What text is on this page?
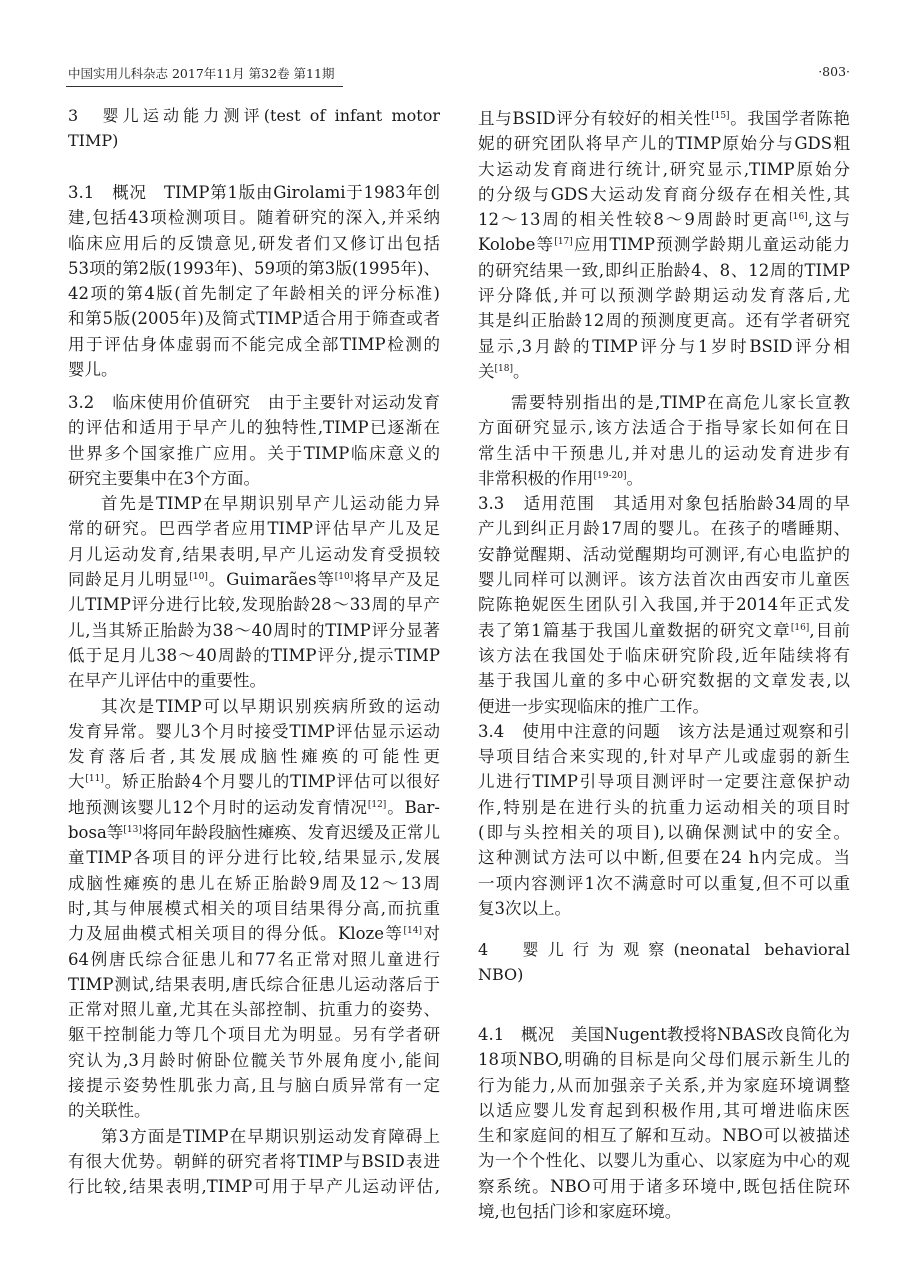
中国实用儿科杂志 2017年11月 第32卷 第11期	·803·
3　婴儿运动能力测评(test of infant motor
TIMP)
3.1　概况　TIMP第1版由Girolami于1983年创
建,包括43项检测项目。随着研究的深入,并采纳
临床应用后的反馈意见,研发者们又修订出包括
53项的第2版(1993年)、59项的第3版(1995年)、
42项的第4版(首先制定了年龄相关的评分标准)
和第5版(2005年)及简式TIMP适合用于筛查或者
用于评估身体虚弱而不能完成全部TIMP检测的
婴儿。
3.2　临床使用价值研究　由于主要针对运动发育
的评估和适用于早产儿的独特性,TIMP已逐渐在
世界多个国家推广应用。关于TIMP临床意义的
研究主要集中在3个方面。
首先是TIMP在早期识别早产儿运动能力异
常的研究。巴西学者应用TIMP评估早产儿及足
月儿运动发育,结果表明,早产儿运动发育受损较
同龄足月儿明显[10]。Guimarães等[10]将早产及足
儿TIMP评分进行比较,发现胎龄28～33周的早产
儿,当其矫正胎龄为38～40周时的TIMP评分显著
低于足月儿38～40周龄的TIMP评分,提示TIMP
在早产儿评估中的重要性。
其次是TIMP可以早期识别疾病所致的运动
发育异常。婴儿3个月时接受TIMP评估显示运动
发育落后者,其发展成脑性瘫痪的可能性更
大[11]。矫正胎龄4个月婴儿的TIMP评估可以很好
地预测该婴儿12个月时的运动发育情况[12]。Bar-
bosa等[13]将同年龄段脑性瘫痪、发育迟缓及正常儿
童TIMP各项目的评分进行比较,结果显示,发展
成脑性瘫痪的患儿在矫正胎龄9周及12～13周
时,其与伸展模式相关的项目结果得分高,而抗重
力及屈曲模式相关项目的得分低。Kloze等[14]对
64例唐氏综合征患儿和77名正常对照儿童进行
TIMP测试,结果表明,唐氏综合征患儿运动落后于
正常对照儿童,尤其在头部控制、抗重力的姿势、
躯干控制能力等几个项目尤为明显。另有学者研
究认为,3月龄时俯卧位髋关节外展角度小,能间
接提示姿势性肌张力高,且与脑白质异常有一定
的关联性。
第3方面是TIMP在早期识别运动发育障碍上
有很大优势。朝鲜的研究者将TIMP与BSID表进
行比较,结果表明,TIMP可用于早产儿运动评估,
且与BSID评分有较好的相关性[15]。我国学者陈艳
妮的研究团队将早产儿的TIMP原始分与GDS粗
大运动发育商进行统计,研究显示,TIMP原始分
的分级与GDS大运动发育商分级存在相关性,其
12～13周的相关性较8～9周龄时更高[16],这与
Kolobe等[17]应用TIMP预测学龄期儿童运动能力
的研究结果一致,即纠正胎龄4、8、12周的TIMP
评分降低,并可以预测学龄期运动发育落后,尤
其是纠正胎龄12周的预测度更高。还有学者研究
显示,3月龄的TIMP评分与1岁时BSID评分相
关[18]。
需要特别指出的是,TIMP在高危儿家长宣教
方面研究显示,该方法适合于指导家长如何在日
常生活中干预患儿,并对患儿的运动发育进步有
非常积极的作用[19-20]。
3.3　适用范围　其适用对象包括胎龄34周的早
产儿到纠正月龄17周的婴儿。在孩子的嗜睡期、
安静觉醒期、活动觉醒期均可测评,有心电监护的
婴儿同样可以测评。该方法首次由西安市儿童医
院陈艳妮医生团队引入我国,并于2014年正式发
表了第1篇基于我国儿童数据的研究文章[16],目前
该方法在我国处于临床研究阶段,近年陆续将有
基于我国儿童的多中心研究数据的文章发表,以
便进一步实现临床的推广工作。
3.4　使用中注意的问题　该方法是通过观察和引
导项目结合来实现的,针对早产儿或虚弱的新生
儿进行TIMP引导项目测评时一定要注意保护动
作,特别是在进行头的抗重力运动相关的项目时
(即与头控相关的项目),以确保测试中的安全。
这种测试方法可以中断,但要在24 h内完成。当
一项内容测评1次不满意时可以重复,但不可以重
复3次以上。
4　婴儿行为观察(neonatal behavioral
NBO)
4.1　概况　美国Nugent教授将NBAS改良简化为
18项NBO,明确的目标是向父母们展示新生儿的
行为能力,从而加强亲子关系,并为家庭环境调整
以适应婴儿发育起到积极作用,其可增进临床医
生和家庭间的相互了解和互动。NBO可以被描述
为一个个性化、以婴儿为重心、以家庭为中心的观
察系统。NBO可用于诸多环境中,既包括住院环
境,也包括门诊和家庭环境。
